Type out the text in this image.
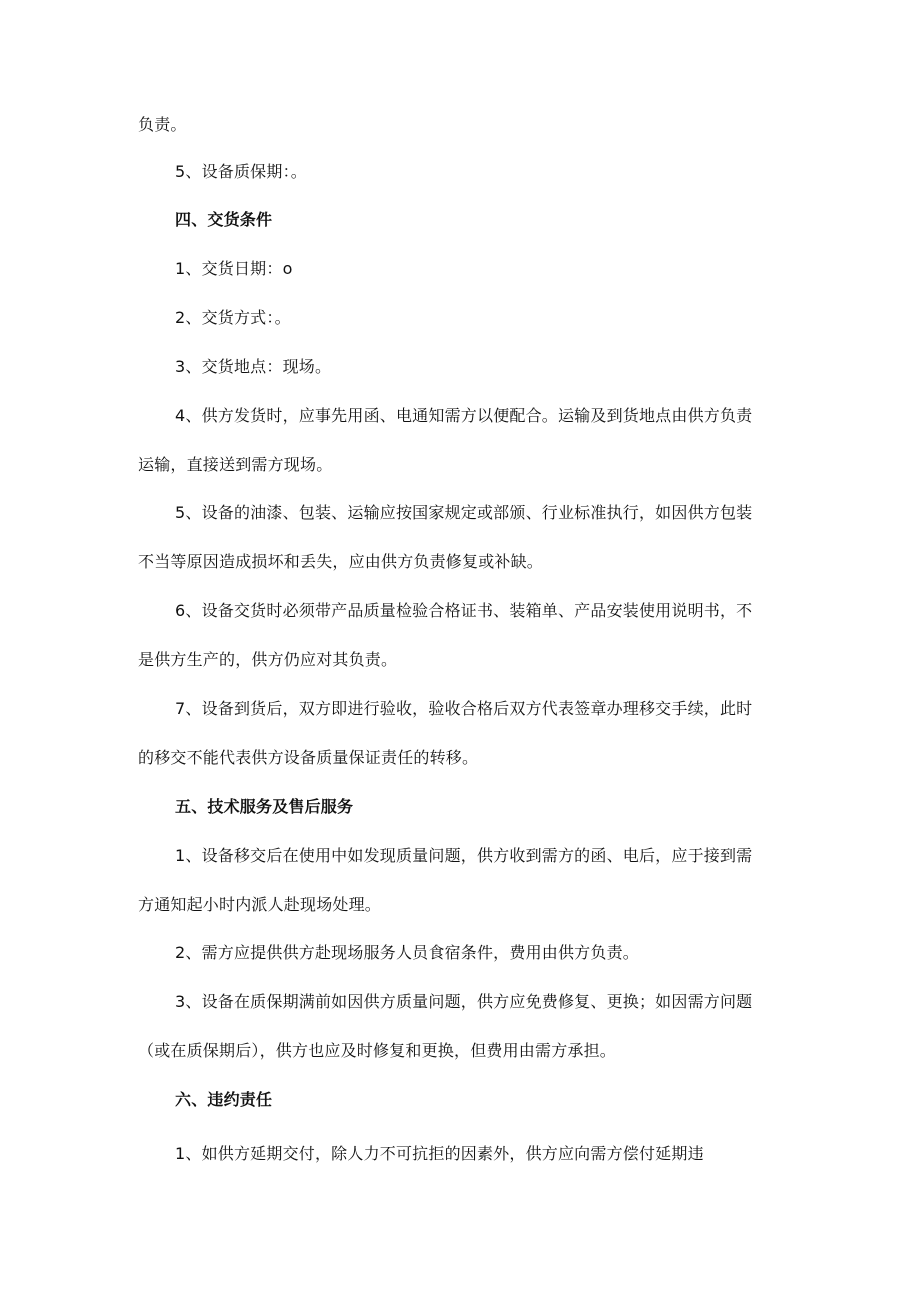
负责。
5、设备质保期：。
四、交货条件
1、交货日期：o
2、交货方式：。
3、交货地点：现场。
4、供方发货时，应事先用函、电通知需方以便配合。运输及到货地点由供方负责
运输，直接送到需方现场。
5、设备的油漆、包装、运输应按国家规定或部颁、行业标准执行，如因供方包装
不当等原因造成损坏和丢失，应由供方负责修复或补缺。
6、设备交货时必须带产品质量检验合格证书、装箱单、产品安装使用说明书，不
是供方生产的，供方仍应对其负责。
7、设备到货后，双方即进行验收，验收合格后双方代表签章办理移交手续，此时
的移交不能代表供方设备质量保证责任的转移。
五、技术服务及售后服务
1、设备移交后在使用中如发现质量问题，供方收到需方的函、电后，应于接到需
方通知起小时内派人赴现场处理。
2、需方应提供供方赴现场服务人员食宿条件，费用由供方负责。
3、设备在质保期满前如因供方质量问题，供方应免费修复、更换；如因需方问题
（或在质保期后），供方也应及时修复和更换，但费用由需方承担。
六、违约责任
1、如供方延期交付，除人力不可抗拒的因素外，供方应向需方偿付延期违
